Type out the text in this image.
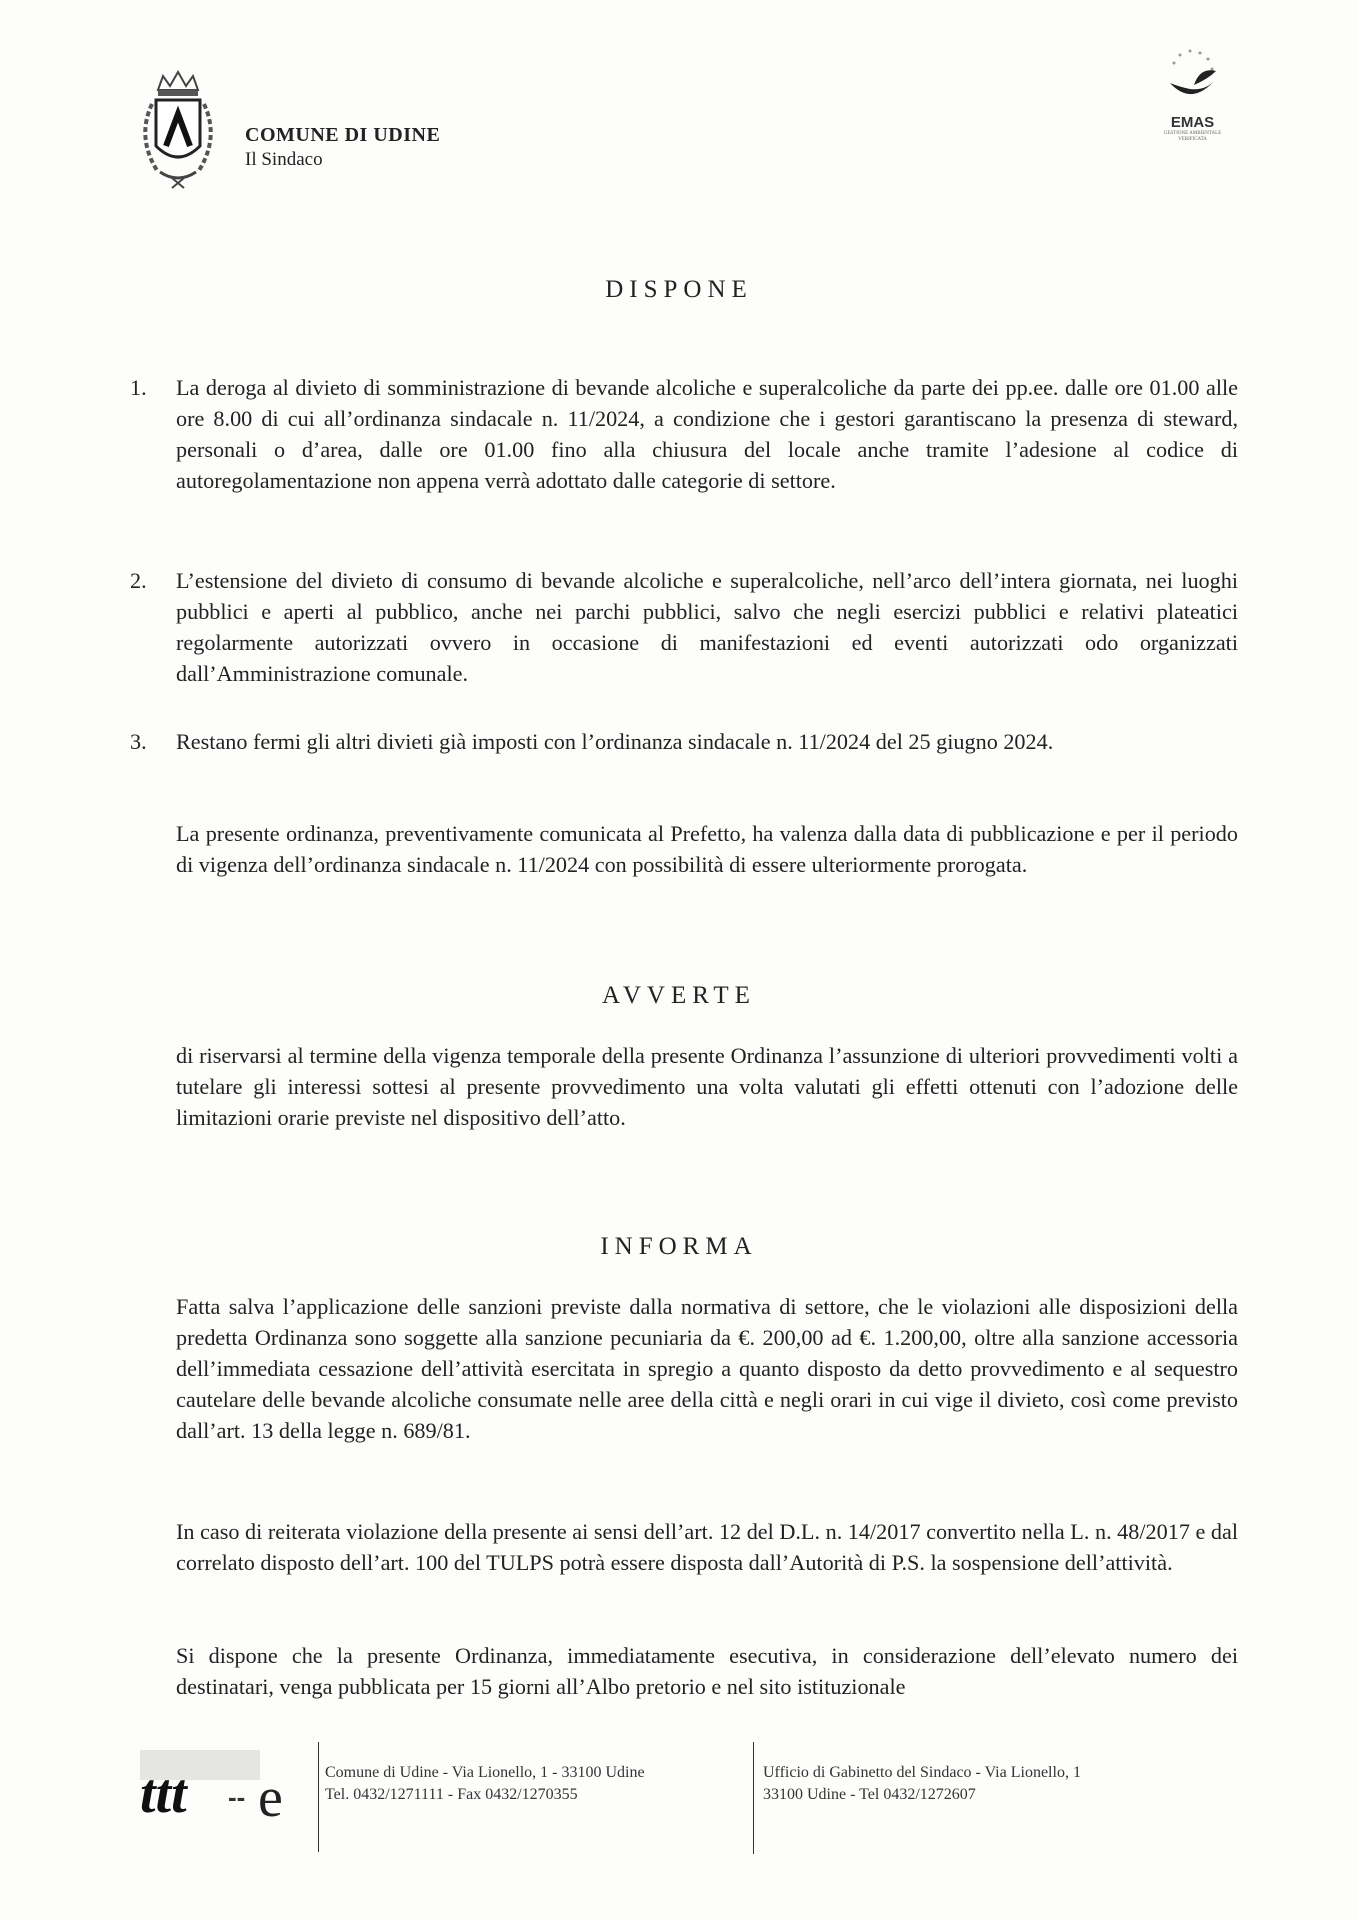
COMUNE DI UDINE
Il Sindaco
EMAS
GESTIONE AMBIENTALE VERIFICATA
DISPONE
1. La deroga al divieto di somministrazione di bevande alcoliche e superalcoliche da parte dei pp.ee. dalle ore 01.00 alle ore 8.00 di cui all’ordinanza sindacale n. 11/2024, a condizione che i gestori garantiscano la presenza di steward, personali o d’area, dalle ore 01.00 fino alla chiusura del locale anche tramite l’adesione al codice di autoregolamentazione non appena verrà adottato dalle categorie di settore.
2. L’estensione del divieto di consumo di bevande alcoliche e superalcoliche, nell’arco dell’intera giornata, nei luoghi pubblici e aperti al pubblico, anche nei parchi pubblici, salvo che negli esercizi pubblici e relativi plateatici regolarmente autorizzati ovvero in occasione di manifestazioni ed eventi autorizzati odo organizzati dall’Amministrazione comunale.
3. Restano fermi gli altri divieti già imposti con l’ordinanza sindacale n. 11/2024 del 25 giugno 2024.
La presente ordinanza, preventivamente comunicata al Prefetto, ha valenza dalla data di pubblicazione e per il periodo di vigenza dell’ordinanza sindacale n. 11/2024 con possibilità di essere ulteriormente prorogata.
AVVERTE
di riservarsi al termine della vigenza temporale della presente Ordinanza l’assunzione di ulteriori provvedimenti volti a tutelare gli interessi sottesi al presente provvedimento una volta valutati gli effetti ottenuti con l’adozione delle limitazioni orarie previste nel dispositivo dell’atto.
INFORMA
Fatta salva l’applicazione delle sanzioni previste dalla normativa di settore, che le violazioni alle disposizioni della predetta Ordinanza sono soggette alla sanzione pecuniaria da €. 200,00 ad €. 1.200,00, oltre alla sanzione accessoria dell’immediata cessazione dell’attività esercitata in spregio a quanto disposto da detto provvedimento e al sequestro cautelare delle bevande alcoliche consumate nelle aree della città e negli orari in cui vige il divieto, così come previsto dall’art. 13 della legge n. 689/81.
In caso di reiterata violazione della presente ai sensi dell’art. 12 del D.L. n. 14/2017 convertito nella L. n. 48/2017 e dal correlato disposto dell’art. 100 del TULPS potrà essere disposta dall’Autorità di P.S. la sospensione dell’attività.
Si dispone che la presente Ordinanza, immediatamente esecutiva, in considerazione dell’elevato numero dei destinatari, venga pubblicata per 15 giorni all’Albo pretorio e nel sito istituzionale
ttt -- e	Comune di Udine - Via Lionello, 1 - 33100 Udine
Tel. 0432/1271111 - Fax 0432/1270355
Ufficio di Gabinetto del Sindaco - Via Lionello, 1
33100 Udine - Tel 0432/1272607
